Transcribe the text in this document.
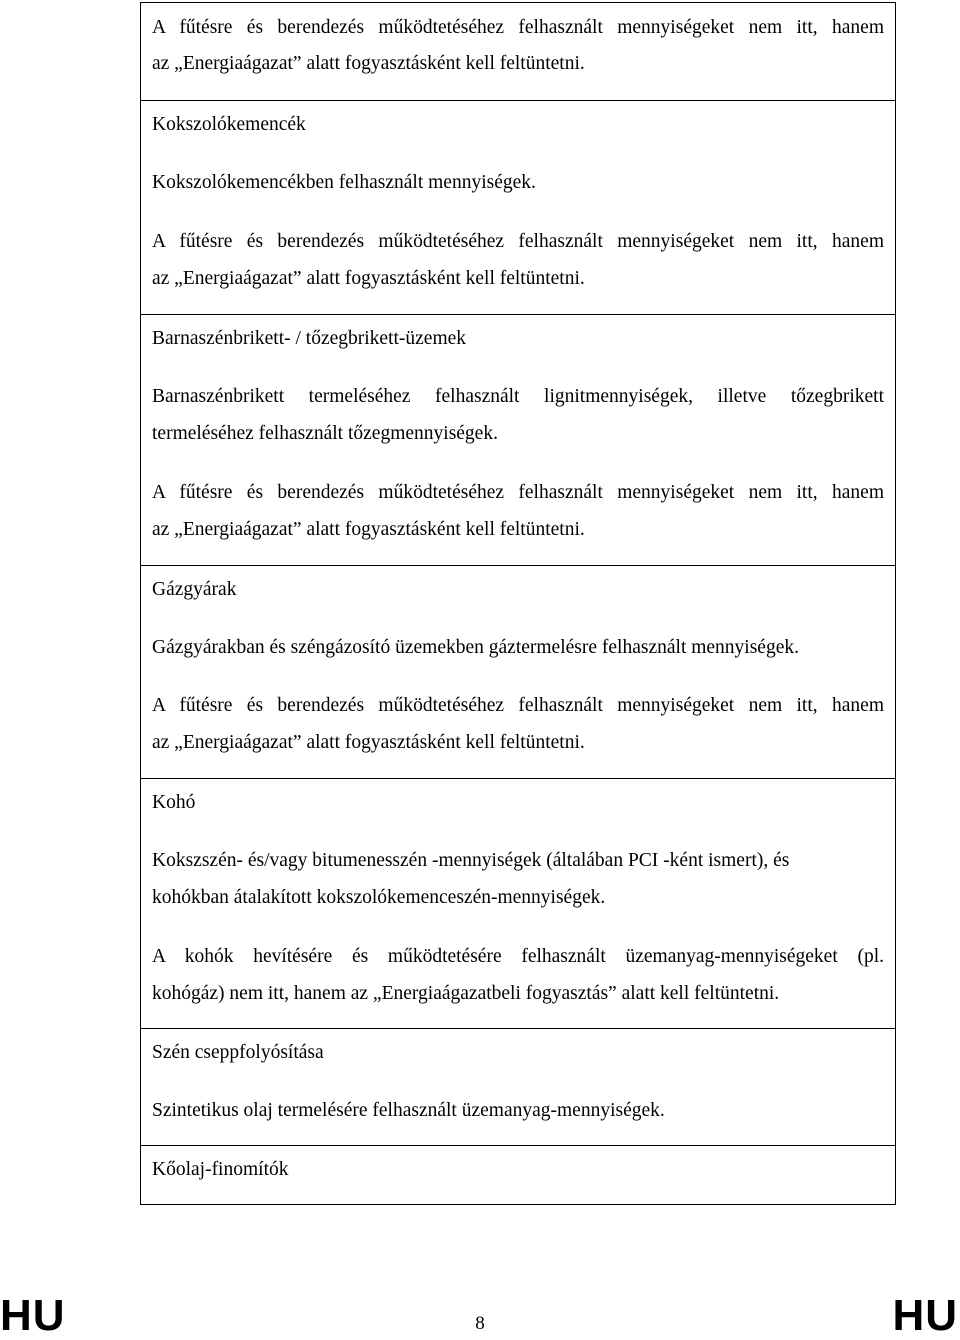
A fűtésre és berendezés működtetéséhez felhasznált mennyiségeket nem itt, hanem
az „Energiaágazat” alatt fogyasztásként kell feltüntetni.
Kokszolókemencék
Kokszolókemencékben felhasznált mennyiségek.
A fűtésre és berendezés működtetéséhez felhasznált mennyiségeket nem itt, hanem
az „Energiaágazat” alatt fogyasztásként kell feltüntetni.
Barnaszénbrikett- / tőzegbrikett-üzemek
Barnaszénbrikett termeléséhez felhasznált lignitmennyiségek, illetve tőzegbrikett
termeléséhez felhasznált tőzegmennyiségek.
A fűtésre és berendezés működtetéséhez felhasznált mennyiségeket nem itt, hanem
az „Energiaágazat” alatt fogyasztásként kell feltüntetni.
Gázgyárak
Gázgyárakban és széngázosító üzemekben gáztermelésre felhasznált mennyiségek.
A fűtésre és berendezés működtetéséhez felhasznált mennyiségeket nem itt, hanem
az „Energiaágazat” alatt fogyasztásként kell feltüntetni.
Kohó
Kokszszén- és/vagy bitumenesszén -mennyiségek (általában PCI -ként ismert), és
kohókban átalakított kokszolókemenceszén-mennyiségek.
A kohók hevítésére és működtetésére felhasznált üzemanyag-mennyiségeket (pl.
kohógáz) nem itt, hanem az „Energiaágazatbeli fogyasztás” alatt kell feltüntetni.
Szén cseppfolyósítása
Szintetikus olaj termelésére felhasznált üzemanyag-mennyiségek.
Kőolaj-finomítók
HU	8	HU
